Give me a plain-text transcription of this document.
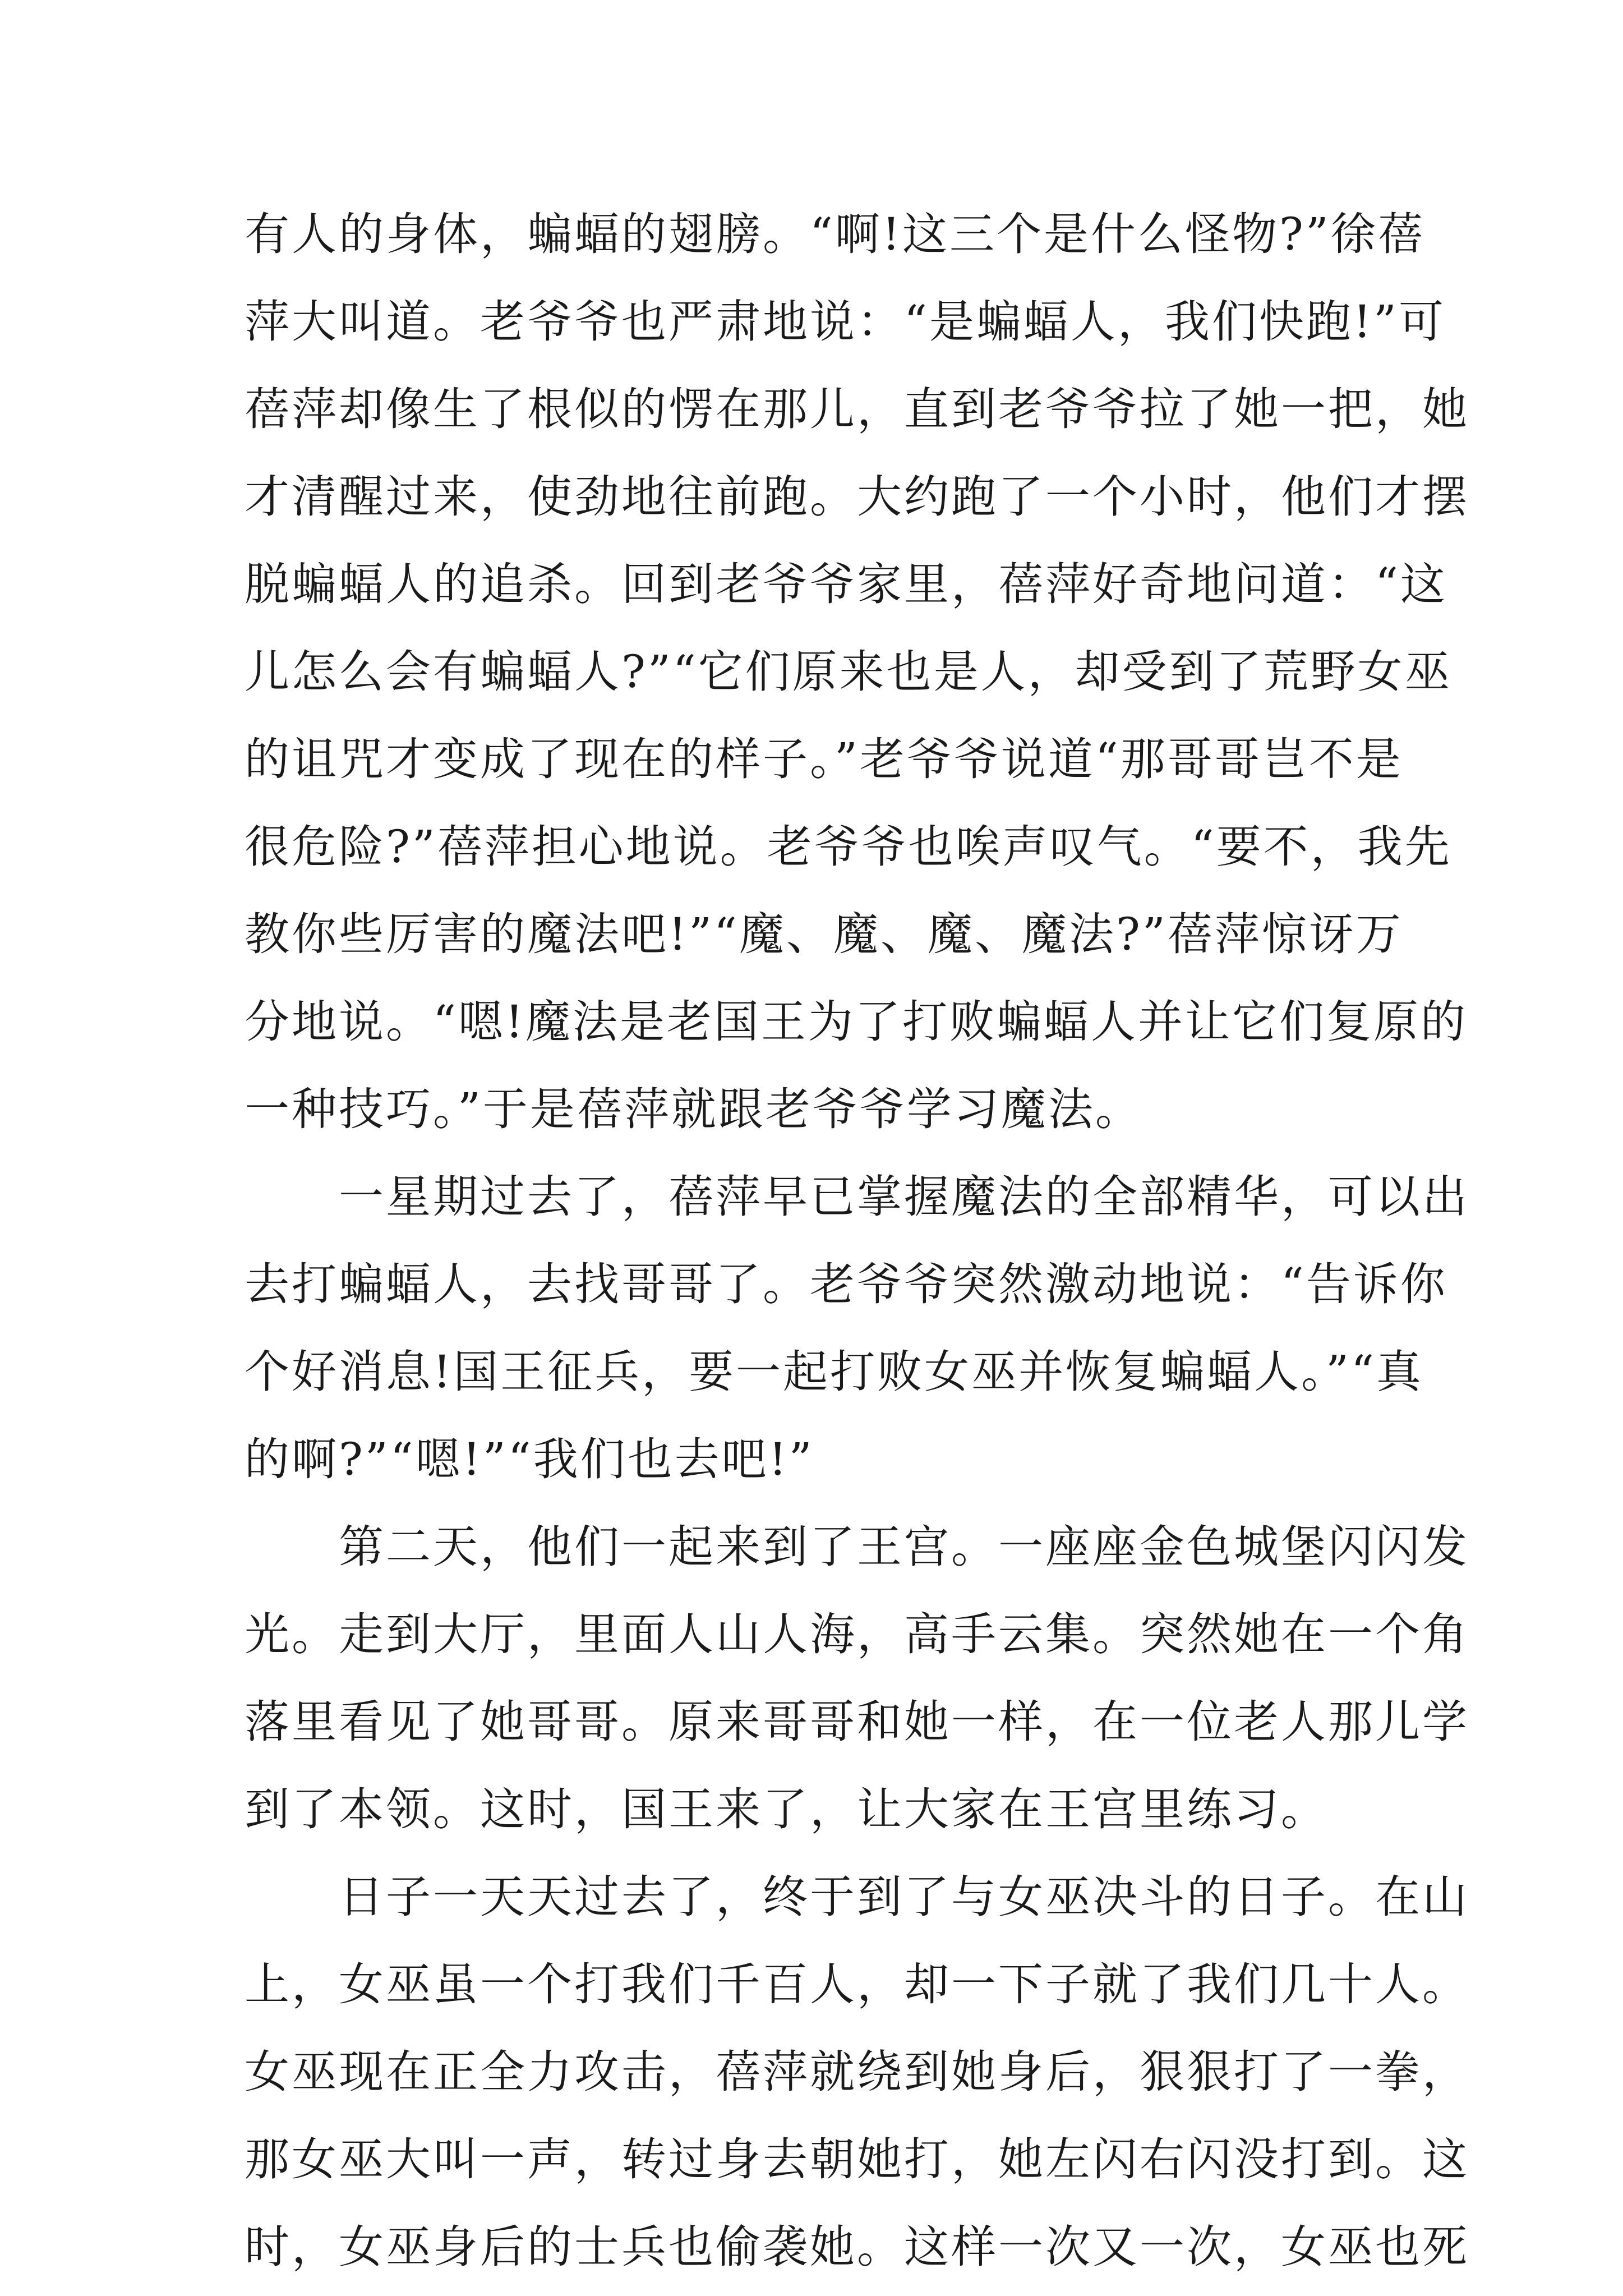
有人的身体，蝙蝠的翅膀。“啊!这三个是什么怪物?”徐蓓
萍大叫道。老爷爷也严肃地说：“是蝙蝠人，我们快跑!”可
蓓萍却像生了根似的愣在那儿，直到老爷爷拉了她一把，她
才清醒过来，使劲地往前跑。大约跑了一个小时，他们才摆
脱蝙蝠人的追杀。回到老爷爷家里，蓓萍好奇地问道：“这
儿怎么会有蝙蝠人?”“它们原来也是人，却受到了荒野女巫
的诅咒才变成了现在的样子。”老爷爷说道“那哥哥岂不是
很危险?”蓓萍担心地说。老爷爷也唉声叹气。“要不，我先
教你些厉害的魔法吧!”“魔、魔、魔、魔法?”蓓萍惊讶万
分地说。“嗯!魔法是老国王为了打败蝙蝠人并让它们复原的
一种技巧。”于是蓓萍就跟老爷爷学习魔法。
一星期过去了，蓓萍早已掌握魔法的全部精华，可以出
去打蝙蝠人，去找哥哥了。老爷爷突然激动地说：“告诉你
个好消息!国王征兵，要一起打败女巫并恢复蝙蝠人。”“真
的啊?”“嗯!”“我们也去吧!”
第二天，他们一起来到了王宫。一座座金色城堡闪闪发
光。走到大厅，里面人山人海，高手云集。突然她在一个角
落里看见了她哥哥。原来哥哥和她一样，在一位老人那儿学
到了本领。这时，国王来了，让大家在王宫里练习。
日子一天天过去了，终于到了与女巫决斗的日子。在山
上，女巫虽一个打我们千百人，却一下子就了我们几十人。
女巫现在正全力攻击，蓓萍就绕到她身后，狠狠打了一拳，
那女巫大叫一声，转过身去朝她打，她左闪右闪没打到。这
时，女巫身后的士兵也偷袭她。这样一次又一次，女巫也死
